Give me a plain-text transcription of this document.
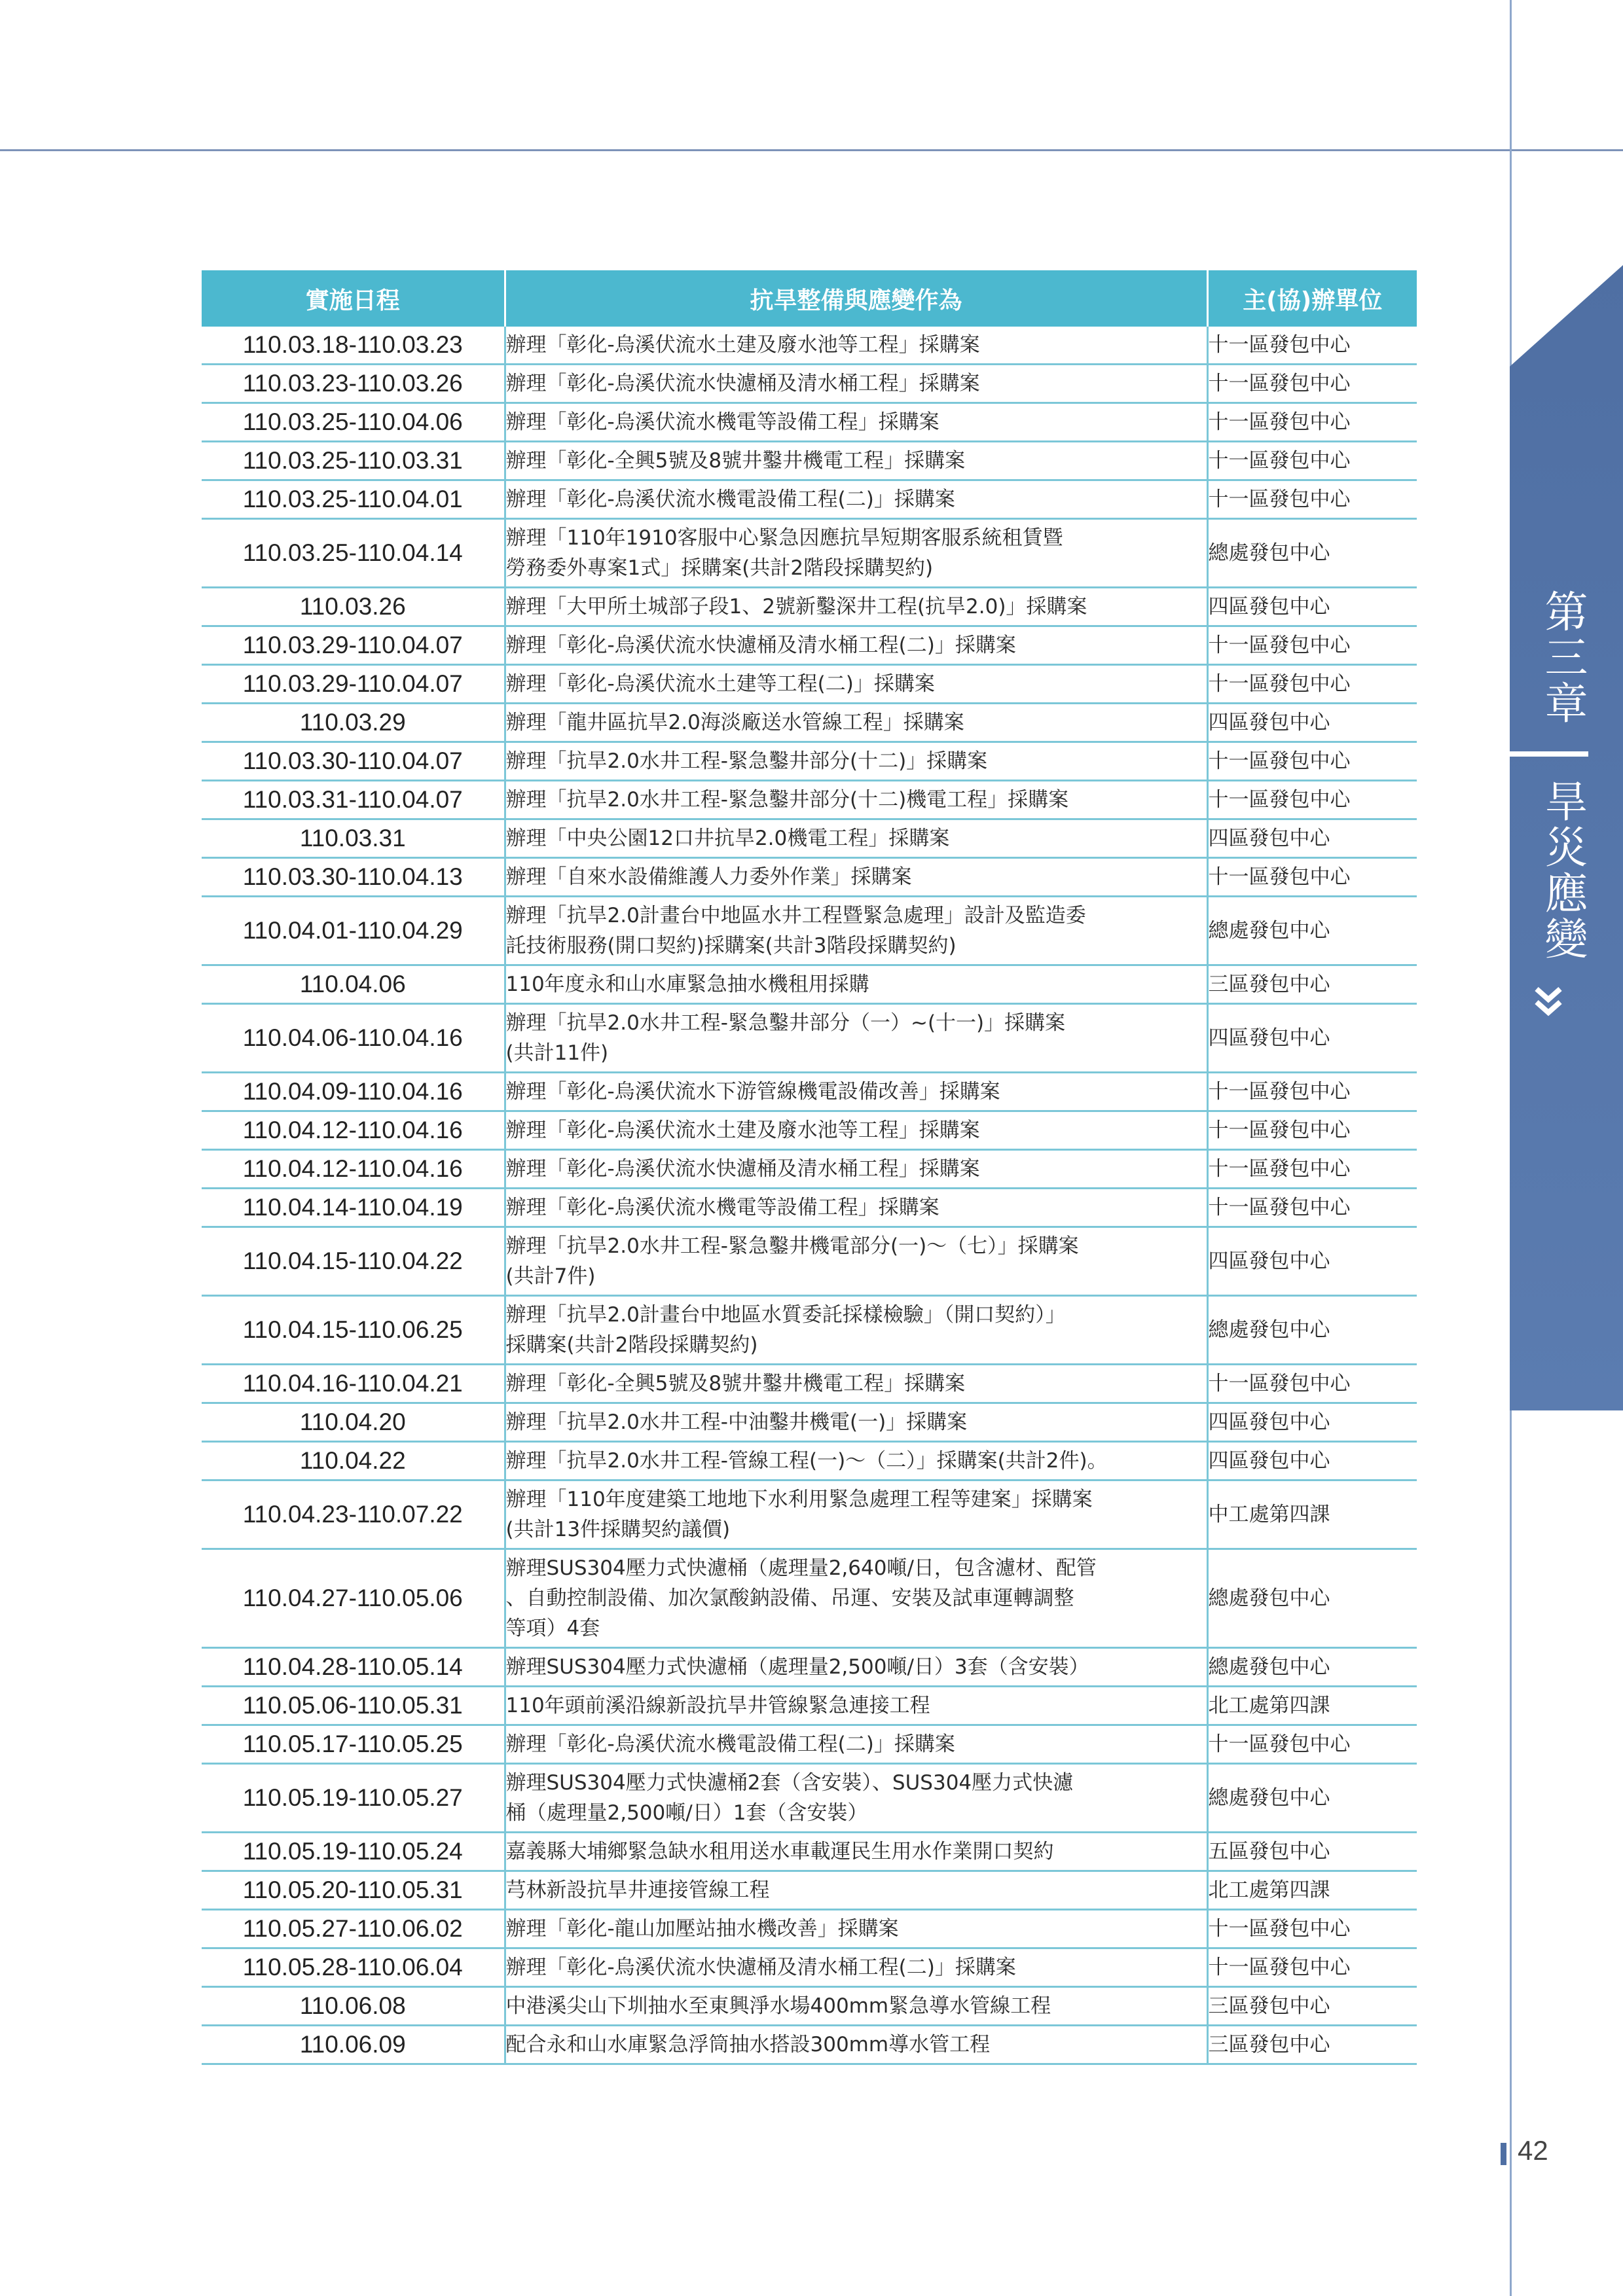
第三章
旱災應變
實施日程	抗旱整備與應變作為	主(協)辦單位
110.03.18-110.03.23	辦理「彰化-烏溪伏流水土建及廢水池等工程」採購案	十一區發包中心
110.03.23-110.03.26	辦理「彰化-烏溪伏流水快濾桶及清水桶工程」採購案	十一區發包中心
110.03.25-110.04.06	辦理「彰化-烏溪伏流水機電等設備工程」採購案	十一區發包中心
110.03.25-110.03.31	辦理「彰化-全興5號及8號井鑿井機電工程」採購案	十一區發包中心
110.03.25-110.04.01	辦理「彰化-烏溪伏流水機電設備工程(二)」採購案	十一區發包中心
110.03.25-110.04.14	辦理「110年1910客服中心緊急因應抗旱短期客服系統租賃暨
勞務委外專案1式」採購案(共計2階段採購契約)	總處發包中心
110.03.26	辦理「大甲所土城部子段1、2號新鑿深井工程(抗旱2.0)」採購案	四區發包中心
110.03.29-110.04.07	辦理「彰化-烏溪伏流水快濾桶及清水桶工程(二)」採購案	十一區發包中心
110.03.29-110.04.07	辦理「彰化-烏溪伏流水土建等工程(二)」採購案	十一區發包中心
110.03.29	辦理「龍井區抗旱2.0海淡廠送水管線工程」採購案	四區發包中心
110.03.30-110.04.07	辦理「抗旱2.0水井工程-緊急鑿井部分(十二)」採購案	十一區發包中心
110.03.31-110.04.07	辦理「抗旱2.0水井工程-緊急鑿井部分(十二)機電工程」採購案	十一區發包中心
110.03.31	辦理「中央公園12口井抗旱2.0機電工程」採購案	四區發包中心
110.03.30-110.04.13	辦理「自來水設備維護人力委外作業」採購案	十一區發包中心
110.04.01-110.04.29	辦理「抗旱2.0計畫台中地區水井工程暨緊急處理」設計及監造委
託技術服務(開口契約)採購案(共計3階段採購契約)	總處發包中心
110.04.06	110年度永和山水庫緊急抽水機租用採購	三區發包中心
110.04.06-110.04.16	辦理「抗旱2.0水井工程-緊急鑿井部分（一）~(十一)」採購案
(共計11件)	四區發包中心
110.04.09-110.04.16	辦理「彰化-烏溪伏流水下游管線機電設備改善」採購案	十一區發包中心
110.04.12-110.04.16	辦理「彰化-烏溪伏流水土建及廢水池等工程」採購案	十一區發包中心
110.04.12-110.04.16	辦理「彰化-烏溪伏流水快濾桶及清水桶工程」採購案	十一區發包中心
110.04.14-110.04.19	辦理「彰化-烏溪伏流水機電等設備工程」採購案	十一區發包中心
110.04.15-110.04.22	辦理「抗旱2.0水井工程-緊急鑿井機電部分(一)～（七）」採購案
(共計7件)	四區發包中心
110.04.15-110.06.25	辦理「抗旱2.0計畫台中地區水質委託採樣檢驗」（開口契約）」
採購案(共計2階段採購契約)	總處發包中心
110.04.16-110.04.21	辦理「彰化-全興5號及8號井鑿井機電工程」採購案	十一區發包中心
110.04.20	辦理「抗旱2.0水井工程-中油鑿井機電(一)」採購案	四區發包中心
110.04.22	辦理「抗旱2.0水井工程-管線工程(一)～（二）」採購案(共計2件)。	四區發包中心
110.04.23-110.07.22	辦理「110年度建築工地地下水利用緊急處理工程等建案」採購案
(共計13件採購契約議價)	中工處第四課
110.04.27-110.05.06	辦理SUS304壓力式快濾桶（處理量2,640噸/日，包含濾材、配管
、自動控制設備、加次氯酸鈉設備、吊運、安裝及試車運轉調整
等項）4套	總處發包中心
110.04.28-110.05.14	辦理SUS304壓力式快濾桶（處理量2,500噸/日）3套（含安裝）	總處發包中心
110.05.06-110.05.31	110年頭前溪沿線新設抗旱井管線緊急連接工程	北工處第四課
110.05.17-110.05.25	辦理「彰化-烏溪伏流水機電設備工程(二)」採購案	十一區發包中心
110.05.19-110.05.27	辦理SUS304壓力式快濾桶2套（含安裝）、SUS304壓力式快濾
桶（處理量2,500噸/日）1套（含安裝）	總處發包中心
110.05.19-110.05.24	嘉義縣大埔鄉緊急缺水租用送水車載運民生用水作業開口契約	五區發包中心
110.05.20-110.05.31	芎林新設抗旱井連接管線工程	北工處第四課
110.05.27-110.06.02	辦理「彰化-龍山加壓站抽水機改善」採購案	十一區發包中心
110.05.28-110.06.04	辦理「彰化-烏溪伏流水快濾桶及清水桶工程(二)」採購案	十一區發包中心
110.06.08	中港溪尖山下圳抽水至東興淨水場400mm緊急導水管線工程	三區發包中心
110.06.09	配合永和山水庫緊急浮筒抽水搭設300mm導水管工程	三區發包中心
42
